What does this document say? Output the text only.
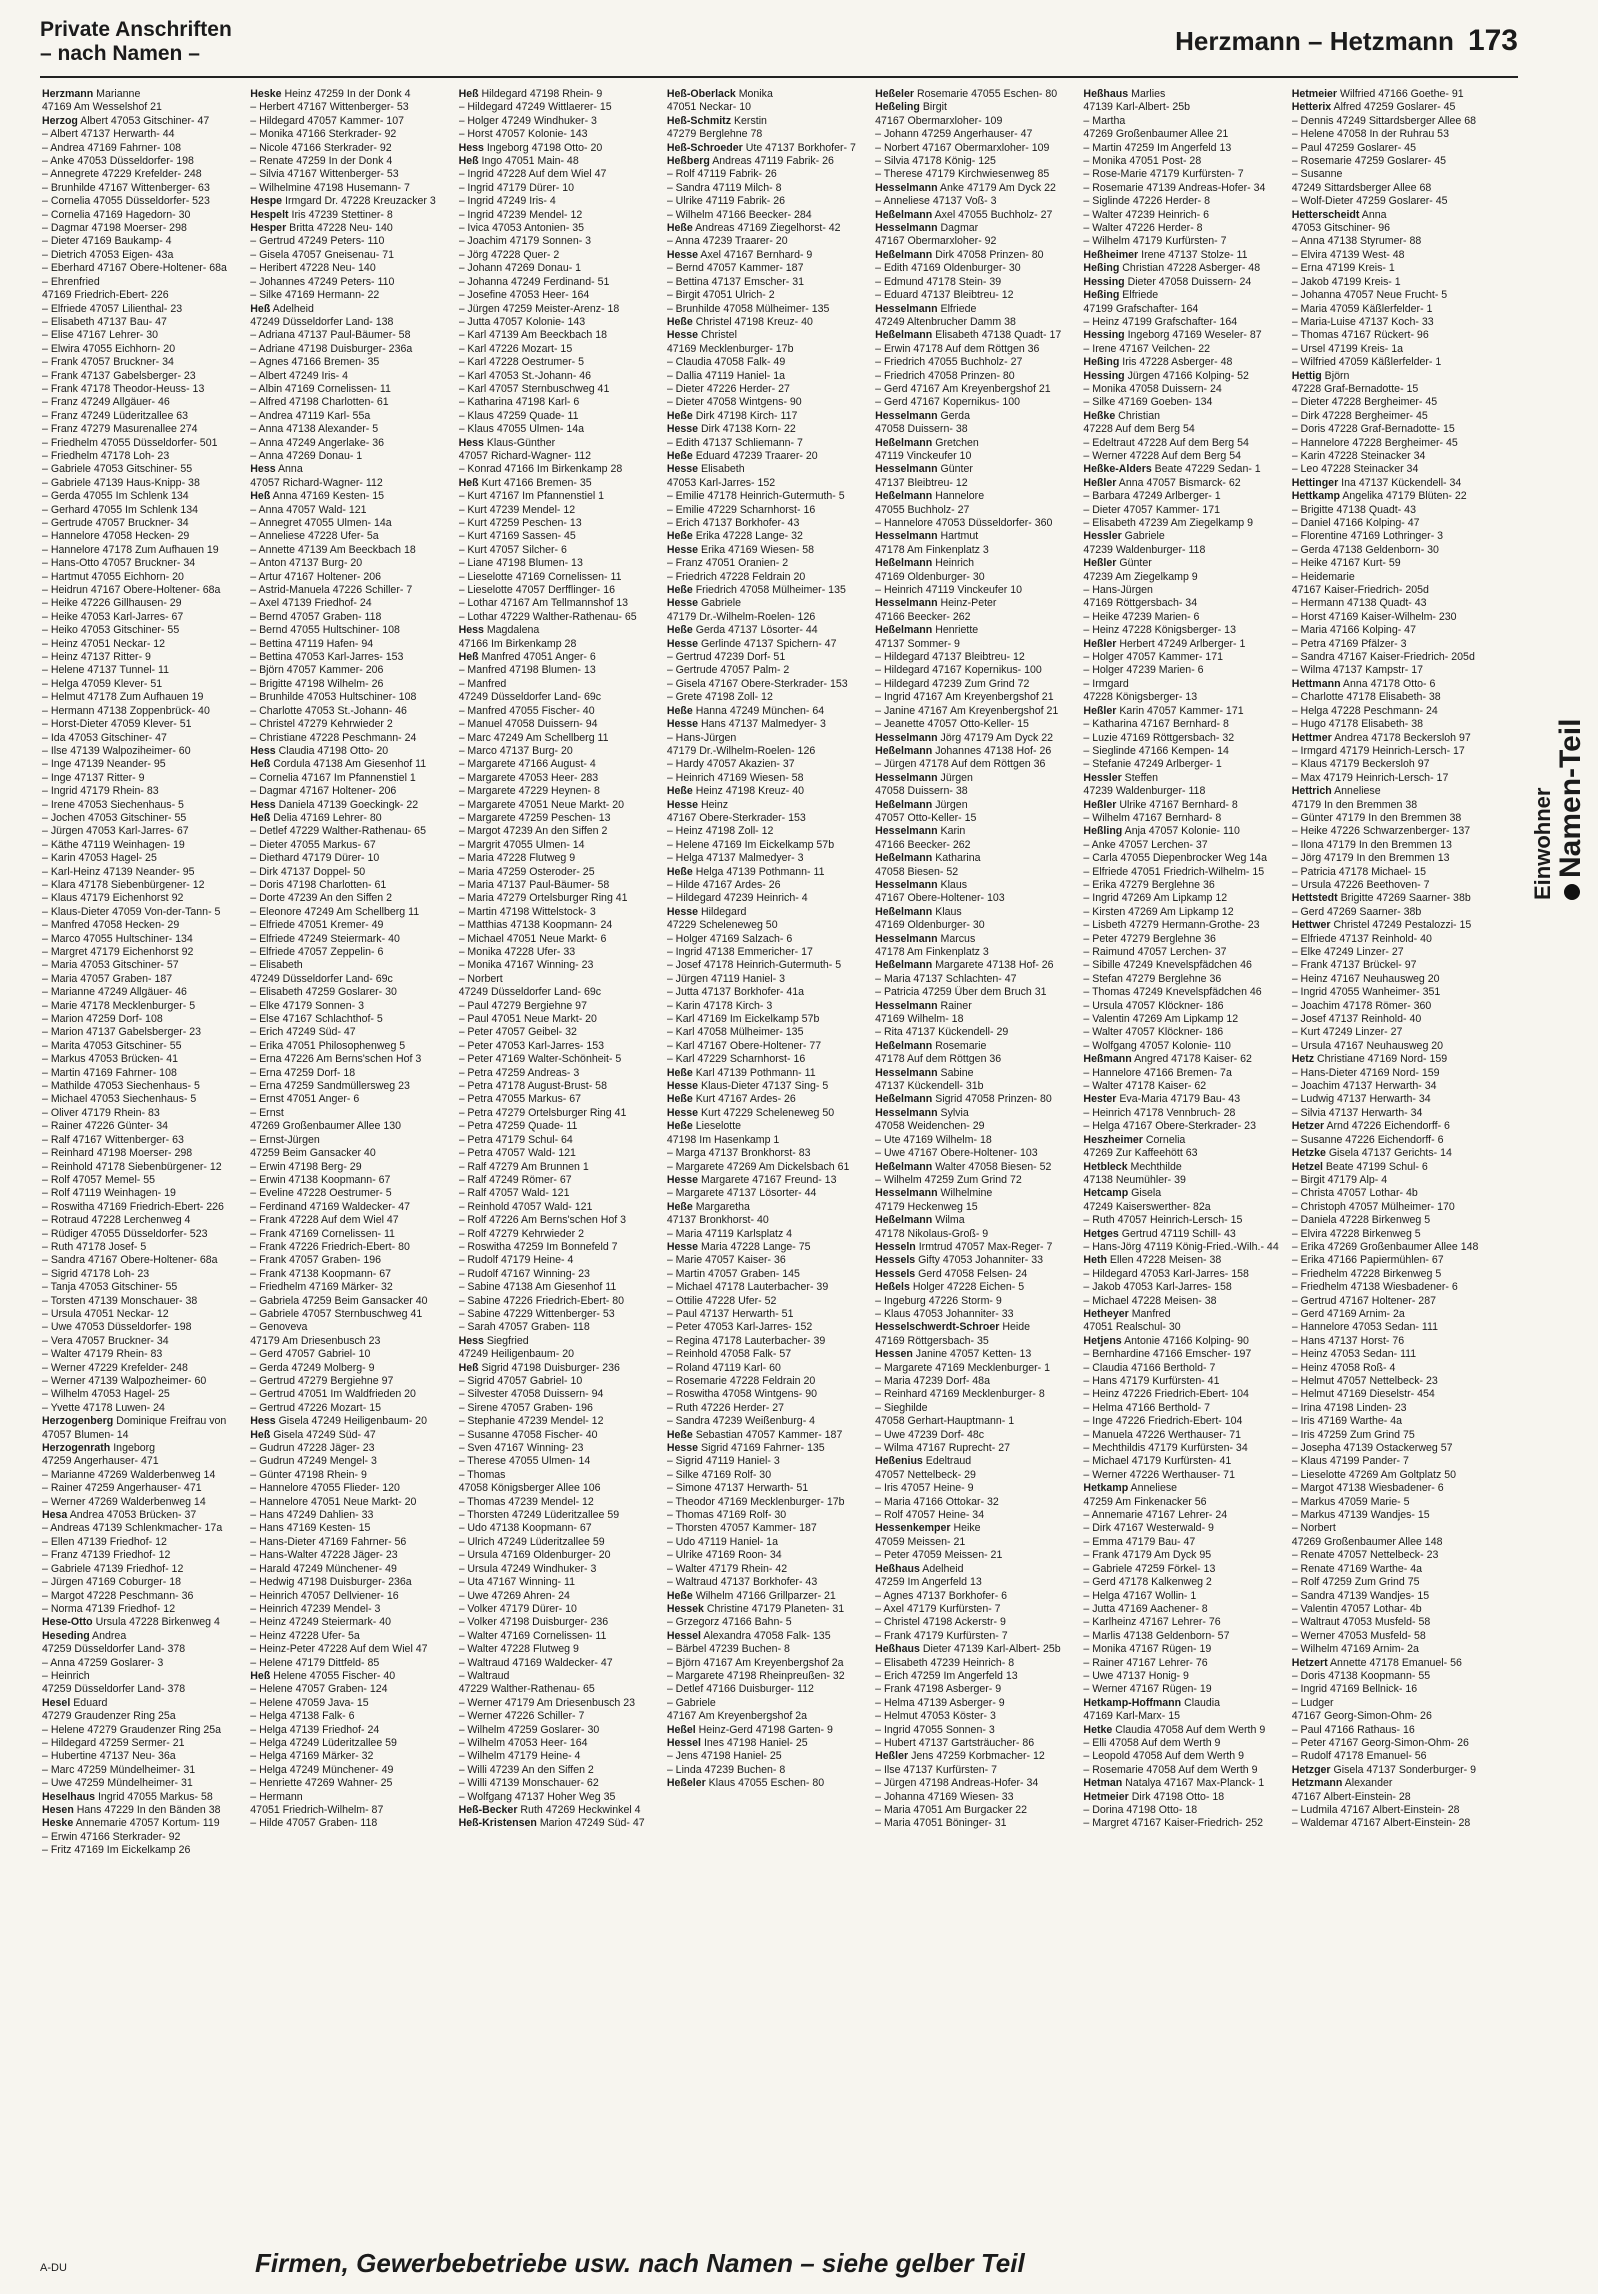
Private Anschriften
– nach Namen –	Herzmann – Hetzmann 173
Herzmann Marianne
47169 Am Wesselshof 21
Herzog Albert 47053 Gitschiner- 47
– Albert 47137 Herwarth- 44
– Andrea 47169 Fahrner- 108
– Anke 47053 Düsseldorfer- 198
– Annegrete 47229 Krefelder- 248
– Brunhilde 47167 Wittenberger- 63
– Cornelia 47055 Düsseldorfer- 523
– Cornelia 47169 Hagedorn- 30
– Dagmar 47198 Moerser- 298
– Dieter 47169 Baukamp- 4
– Dietrich 47053 Eigen- 43a
– Eberhard 47167 Obere-Holtener- 68a
– Ehrenfried
47169 Friedrich-Ebert- 226
– Elfriede 47057 Lilienthal- 23
– Elisabeth 47137 Bau- 47
– Elise 47167 Lehrer- 30
– Elwira 47055 Eichhorn- 20
– Frank 47057 Bruckner- 34
– Frank 47137 Gabelsberger- 23
– Frank 47178 Theodor-Heuss- 13
– Franz 47249 Allgäuer- 46
– Franz 47249 Lüderitzallee 63
– Franz 47279 Masurenallee 274
– Friedhelm 47055 Düsseldorfer- 501
– Friedhelm 47178 Loh- 23
– Gabriele 47053 Gitschiner- 55
– Gabriele 47139 Haus-Knipp- 38
– Gerda 47055 Im Schlenk 134
– Gerhard 47055 Im Schlenk 134
– Gertrude 47057 Bruckner- 34
– Hannelore 47058 Hecken- 29
– Hannelore 47178 Zum Aufhauen 19
– Hans-Otto 47057 Bruckner- 34
– Hartmut 47055 Eichhorn- 20
– Heidrun 47167 Obere-Holtener- 68a
– Heike 47226 Gillhausen- 29
– Heike 47053 Karl-Jarres- 67
– Heiko 47053 Gitschiner- 55
– Heinz 47051 Neckar- 12
– Heinz 47137 Ritter- 9
– Helene 47137 Tunnel- 11
– Helga 47059 Klever- 51
– Helmut 47178 Zum Aufhauen 19
– Hermann 47138 Zoppenbrück- 40
– Horst-Dieter 47059 Klever- 51
– Ida 47053 Gitschiner- 47
– Ilse 47139 Walpoziheimer- 60
– Inge 47139 Neander- 95
– Inge 47137 Ritter- 9
– Ingrid 47179 Rhein- 83
– Irene 47053 Siechenhaus- 5
– Jochen 47053 Gitschiner- 55
– Jürgen 47053 Karl-Jarres- 67
– Käthe 47119 Weinhagen- 19
– Karin 47053 Hagel- 25
– Karl-Heinz 47139 Neander- 95
– Klara 47178 Siebenbürgener- 12
– Klaus 47179 Eichenhorst 92
– Klaus-Dieter 47059 Von-der-Tann- 5
– Manfred 47058 Hecken- 29
– Marco 47055 Hultschiner- 134
– Margret 47179 Eichenhorst 92
– Maria 47053 Gitschiner- 57
– Maria 47057 Graben- 187
– Marianne 47249 Allgäuer- 46
– Marie 47178 Mecklenburger- 5
– Marion 47259 Dorf- 108
– Marion 47137 Gabelsberger- 23
– Marita 47053 Gitschiner- 55
– Markus 47053 Brücken- 41
– Martin 47169 Fahrner- 108
– Mathilde 47053 Siechenhaus- 5
– Michael 47053 Siechenhaus- 5
– Oliver 47179 Rhein- 83
– Rainer 47226 Günter- 34
– Ralf 47167 Wittenberger- 63
– Reinhard 47198 Moerser- 298
– Reinhold 47178 Siebenbürgener- 12
– Rolf 47057 Memel- 55
– Rolf 47119 Weinhagen- 19
– Roswitha 47169 Friedrich-Ebert- 226
– Rotraud 47228 Lerchenweg 4
– Rüdiger 47055 Düsseldorfer- 523
– Ruth 47178 Josef- 5
– Sandra 47167 Obere-Holtener- 68a
– Sigrid 47178 Loh- 23
– Tanja 47053 Gitschiner- 55
– Torsten 47139 Monschauer- 38
– Ursula 47051 Neckar- 12
– Uwe 47053 Düsseldorfer- 198
– Vera 47057 Bruckner- 34
– Walter 47179 Rhein- 83
– Werner 47229 Krefelder- 248
– Werner 47139 Walpozheimer- 60
– Wilhelm 47053 Hagel- 25
– Yvette 47178 Luwen- 24
Herzogenberg Dominique Freifrau von
47057 Blumen- 14
Herzogenrath Ingeborg
47259 Angerhauser- 471
– Marianne 47269 Walderbenweg 14
– Rainer 47259 Angerhauser- 471
– Werner 47269 Walderbenweg 14
Hesa Andrea 47053 Brücken- 37
– Andreas 47139 Schlenkmacher- 17a
– Ellen 47139 Friedhof- 12
– Franz 47139 Friedhof- 12
– Gabriele 47139 Friedhof- 12
– Jürgen 47169 Coburger- 18
– Margot 47228 Peschmann- 36
– Norma 47139 Friedhof- 12
Hese-Otto Ursula 47228 Birkenweg 4
Heseding Andrea
47259 Düsseldorfer Land- 378
– Anna 47259 Goslarer- 3
– Heinrich
47259 Düsseldorfer Land- 378
Hesel Eduard
47279 Graudenzer Ring 25a
– Helene 47279 Graudenzer Ring 25a
– Hildegard 47259 Sermer- 21
– Hubertine 47137 Neu- 36a
– Marc 47259 Mündelheimer- 31
– Uwe 47259 Mündelheimer- 31
Heselhaus Ingrid 47055 Markus- 58
Hesen Hans 47229 In den Bänden 38
Heske Annemarie 47057 Kortum- 119
– Erwin 47166 Sterkrader- 92
– Fritz 47169 Im Eickelkamp 26
Heske Heinz 47259 In der Donk 4
– Herbert 47167 Wittenberger- 53
– Hildegard 47057 Kammer- 107
– Monika 47166 Sterkrader- 92
– Nicole 47166 Sterkrader- 92
– Renate 47259 In der Donk 4
– Silvia 47167 Wittenberger- 53
– Wilhelmine 47198 Husemann- 7
Hespe Irmgard Dr. 47228 Kreuzacker 3
Hespelt Iris 47239 Stettiner- 8
Hesper Britta 47228 Neu- 140
– Gertrud 47249 Peters- 110
– Gisela 47057 Gneisenau- 71
– Heribert 47228 Neu- 140
– Johannes 47249 Peters- 110
– Silke 47169 Hermann- 22
Heß Adelheid
47249 Düsseldorfer Land- 138
– Adriana 47137 Paul-Bäumer- 58
– Adriane 47198 Duisburger- 236a
– Agnes 47166 Bremen- 35
– Albert 47249 Iris- 4
– Albin 47169 Cornelissen- 11
– Alfred 47198 Charlotten- 61
– Andrea 47119 Karl- 55a
– Anna 47138 Alexander- 5
– Anna 47249 Angerlake- 36
– Anna 47269 Donau- 1
Hess Anna
47057 Richard-Wagner- 112
Heß Anna 47169 Kesten- 15
– Anna 47057 Wald- 121
– Annegret 47055 Ulmen- 14a
– Anneliese 47228 Ufer- 5a
– Annette 47139 Am Beeckbach 18
– Anton 47137 Burg- 20
– Artur 47167 Holtener- 206
– Astrid-Manuela 47226 Schiller- 7
– Axel 47139 Friedhof- 24
– Bernd 47057 Graben- 118
– Bernd 47055 Hultschiner- 108
– Bettina 47119 Hafen- 94
– Bettina 47053 Karl-Jarres- 153
– Björn 47057 Kammer- 206
– Brigitte 47198 Wilhelm- 26
– Brunhilde 47053 Hultschiner- 108
– Charlotte 47053 St.-Johann- 46
– Christel 47279 Kehrwieder 2
– Christiane 47228 Peschmann- 24
Hess Claudia 47198 Otto- 20
Heß Cordula 47138 Am Giesenhof 11
– Cornelia 47167 Im Pfannenstiel 1
– Dagmar 47167 Holtener- 206
Hess Daniela 47139 Goeckingk- 22
Heß Delia 47169 Lehrer- 80
– Detlef 47229 Walther-Rathenau- 65
– Dieter 47055 Markus- 67
– Diethard 47179 Dürer- 10
– Dirk 47137 Doppel- 50
– Doris 47198 Charlotten- 61
– Dorte 47239 An den Siffen 2
– Eleonore 47249 Am Schellberg 11
– Elfriede 47051 Kremer- 49
– Elfriede 47249 Steiermark- 40
– Elfriede 47057 Zeppelin- 6
– Elisabeth
47249 Düsseldorfer Land- 69c
– Elisabeth 47259 Goslarer- 30
– Elke 47179 Sonnen- 3
– Else 47167 Schlachthof- 5
– Erich 47249 Süd- 47
– Erika 47051 Philosophenweg 5
– Erna 47226 Am Berns'schen Hof 3
– Erna 47259 Dorf- 18
– Erna 47259 Sandmüllersweg 23
– Ernst 47051 Anger- 6
– Ernst
47269 Großenbaumer Allee 130
– Ernst-Jürgen
47259 Beim Gansacker 40
– Erwin 47198 Berg- 29
– Erwin 47138 Koopmann- 67
– Eveline 47228 Oestrumer- 5
– Ferdinand 47169 Waldecker- 47
– Frank 47228 Auf dem Wiel 47
– Frank 47169 Cornelissen- 11
– Frank 47226 Friedrich-Ebert- 80
– Frank 47057 Graben- 196
– Frank 47138 Koopmann- 67
– Friedhelm 47169 Märker- 32
– Gabriela 47259 Beim Gansacker 40
– Gabriele 47057 Sternbuschweg 41
– Genoveva
47179 Am Driesenbusch 23
– Gerd 47057 Gabriel- 10
– Gerda 47249 Molberg- 9
– Gertrud 47279 Bergiehne 97
– Gertrud 47051 Im Waldfrieden 20
– Gertrud 47226 Mozart- 15
Hess Gisela 47249 Heiligenbaum- 20
Heß Gisela 47249 Süd- 47
– Gudrun 47228 Jäger- 23
– Gudrun 47249 Mengel- 3
– Günter 47198 Rhein- 9
– Hannelore 47055 Flieder- 120
– Hannelore 47051 Neue Markt- 20
– Hans 47249 Dahlien- 33
– Hans 47169 Kesten- 15
– Hans-Dieter 47169 Fahrner- 56
– Hans-Walter 47228 Jäger- 23
– Harald 47249 Münchener- 49
– Hedwig 47198 Duisburger- 236a
– Heinrich 47057 Dellviener- 16
– Heinrich 47239 Mendel- 3
– Heinz 47249 Steiermark- 40
– Heinz 47228 Ufer- 5a
– Heinz-Peter 47228 Auf dem Wiel 47
– Helene 47179 Dittfeld- 85
Heß Helene 47055 Fischer- 40
– Helene 47057 Graben- 124
– Helene 47059 Java- 15
– Helga 47138 Falk- 6
– Helga 47139 Friedhof- 24
– Helga 47249 Lüderitzallee 59
– Helga 47169 Märker- 32
– Helga 47249 Münchener- 49
– Henriette 47269 Wahner- 25
– Hermann
47051 Friedrich-Wilhelm- 87
– Hilde 47057 Graben- 118
Heß Hildegard 47198 Rhein- 9
– Hildegard 47249 Wittlaerer- 15
– Holger 47249 Windhuker- 3
– Horst 47057 Kolonie- 143
Hess Ingeborg 47198 Otto- 20
Heß Ingo 47051 Main- 48
– Ingrid 47228 Auf dem Wiel 47
– Ingrid 47179 Dürer- 10
– Ingrid 47249 Iris- 4
– Ingrid 47239 Mendel- 12
– Ivica 47053 Antonien- 35
– Joachim 47179 Sonnen- 3
– Jörg 47228 Quer- 2
– Johann 47269 Donau- 1
– Johanna 47249 Ferdinand- 51
– Josefine 47053 Heer- 164
– Jürgen 47259 Meister-Arenz- 18
– Jutta 47057 Kolonie- 143
– Karl 47139 Am Beeckbach 18
– Karl 47226 Mozart- 15
– Karl 47228 Oestrumer- 5
– Karl 47053 St.-Johann- 46
– Karl 47057 Sternbuschweg 41
– Katharina 47198 Karl- 6
– Klaus 47259 Quade- 11
– Klaus 47055 Ulmen- 14a
Hess Klaus-Günther
47057 Richard-Wagner- 112
– Konrad 47166 Im Birkenkamp 28
Heß Kurt 47166 Bremen- 35
– Kurt 47167 Im Pfannenstiel 1
– Kurt 47239 Mendel- 12
– Kurt 47259 Peschen- 13
– Kurt 47169 Sassen- 45
– Kurt 47057 Silcher- 6
– Liane 47198 Blumen- 13
– Lieselotte 47169 Cornelissen- 11
– Lieselotte 47057 Derfflinger- 16
– Lothar 47167 Am Tellmannshof 13
– Lothar 47229 Walther-Rathenau- 65
Hess Magdalena
47166 Im Birkenkamp 28
Heß Manfred 47051 Anger- 6
– Manfred 47198 Blumen- 13
– Manfred
47249 Düsseldorfer Land- 69c
– Manfred 47055 Fischer- 40
– Manuel 47058 Duissern- 94
– Marc 47249 Am Schellberg 11
– Marco 47137 Burg- 20
– Margarete 47166 August- 4
– Margarete 47053 Heer- 283
– Margarete 47229 Heynen- 8
– Margarete 47051 Neue Markt- 20
– Margarete 47259 Peschen- 13
– Margot 47239 An den Siffen 2
– Margrit 47055 Ulmen- 14
– Maria 47228 Flutweg 9
– Maria 47259 Osteroder- 25
– Maria 47137 Paul-Bäumer- 58
– Maria 47279 Ortelsburger Ring 41
– Martin 47198 Wittelstock- 3
– Matthias 47138 Koopmann- 24
– Michael 47051 Neue Markt- 6
– Monika 47228 Ufer- 33
– Monika 47167 Winning- 23
– Norbert
47249 Düsseldorfer Land- 69c
– Paul 47279 Bergiehne 97
– Paul 47051 Neue Markt- 20
– Peter 47057 Geibel- 32
– Peter 47053 Karl-Jarres- 153
– Peter 47169 Walter-Schönheit- 5
– Petra 47259 Andreas- 3
– Petra 47178 August-Brust- 58
– Petra 47055 Markus- 67
– Petra 47279 Ortelsburger Ring 41
– Petra 47259 Quade- 11
– Petra 47179 Schul- 64
– Petra 47057 Wald- 121
– Ralf 47279 Am Brunnen 1
– Ralf 47249 Römer- 67
– Ralf 47057 Wald- 121
– Reinhold 47057 Wald- 121
– Rolf 47226 Am Berns'schen Hof 3
– Rolf 47279 Kehrwieder 2
– Roswitha 47259 Im Bonnefeld 7
– Rudolf 47179 Heine- 4
– Rudolf 47167 Winning- 23
– Sabine 47138 Am Giesenhof 11
– Sabine 47226 Friedrich-Ebert- 80
– Sabine 47229 Wittenberger- 53
– Sarah 47057 Graben- 118
Hess Siegfried
47249 Heiligenbaum- 20
Heß Sigrid 47198 Duisburger- 236
– Sigrid 47057 Gabriel- 10
– Silvester 47058 Duissern- 94
– Sirene 47057 Graben- 196
– Stephanie 47239 Mendel- 12
– Susanne 47058 Fischer- 40
– Sven 47167 Winning- 23
– Therese 47055 Ulmen- 14
– Thomas
47058 Königsberger Allee 106
– Thomas 47239 Mendel- 12
– Thorsten 47249 Lüderitzallee 59
– Udo 47138 Koopmann- 67
– Ulrich 47249 Lüderitzallee 59
– Ursula 47169 Oldenburger- 20
– Ursula 47249 Windhuker- 3
– Uta 47167 Winning- 11
– Uwe 47269 Ahren- 24
– Volker 47179 Dürer- 10
– Volker 47198 Duisburger- 236
– Walter 47169 Cornelissen- 11
– Walter 47228 Flutweg 9
– Waltraud 47169 Waldecker- 47
– Waltraud
47229 Walther-Rathenau- 65
– Werner 47179 Am Driesenbusch 23
– Werner 47226 Schiller- 7
– Wilhelm 47259 Goslarer- 30
– Wilhelm 47053 Heer- 164
– Wilhelm 47179 Heine- 4
– Willi 47239 An den Siffen 2
– Willi 47139 Monschauer- 62
– Wolfgang 47137 Hoher Weg 35
Heß-Becker Ruth 47269 Heckwinkel 4
Heß-Kristensen Marion 47249 Süd- 47
Heß-Oberlack Monika
47051 Neckar- 10
Heß-Schmitz Kerstin
47279 Berglehne 78
Heß-Schroeder Ute 47137 Borkhofer- 7
Heßberg Andreas 47119 Fabrik- 26
– Rolf 47119 Fabrik- 26
– Sandra 47119 Milch- 8
– Ulrike 47119 Fabrik- 26
– Wilhelm 47166 Beecker- 284
Heße Andreas 47169 Ziegelhorst- 42
– Anna 47239 Traarer- 20
Hesse Axel 47167 Bernhard- 9
– Bernd 47057 Kammer- 187
– Bettina 47137 Emscher- 31
– Birgit 47051 Ulrich- 2
– Brunhilde 47058 Mülheimer- 135
Heße Christel 47198 Kreuz- 40
Hesse Christel
47169 Mecklenburger- 17b
– Claudia 47058 Falk- 49
– Dallia 47119 Haniel- 1a
– Dieter 47226 Herder- 27
– Dieter 47058 Wintgens- 90
Heße Dirk 47198 Kirch- 117
Hesse Dirk 47138 Korn- 22
– Edith 47137 Schliemann- 7
Heße Eduard 47239 Traarer- 20
Hesse Elisabeth
47053 Karl-Jarres- 152
– Emilie 47178 Heinrich-Gutermuth- 5
– Emilie 47229 Scharnhorst- 16
– Erich 47137 Borkhofer- 43
Heße Erika 47228 Lange- 32
Hesse Erika 47169 Wiesen- 58
– Franz 47051 Oranien- 2
– Friedrich 47228 Feldrain 20
Heße Friedrich 47058 Mülheimer- 135
Hesse Gabriele
47179 Dr.-Wilhelm-Roelen- 126
Heße Gerda 47137 Lösorter- 44
Hesse Gerlinde 47137 Spichern- 47
– Gertrud 47239 Dorf- 51
– Gertrude 47057 Palm- 2
– Gisela 47167 Obere-Sterkrader- 153
– Grete 47198 Zoll- 12
Heße Hanna 47249 München- 64
Hesse Hans 47137 Malmedyer- 3
– Hans-Jürgen
47179 Dr.-Wilhelm-Roelen- 126
– Hardy 47057 Akazien- 37
– Heinrich 47169 Wiesen- 58
Heße Heinz 47198 Kreuz- 40
Hesse Heinz
47167 Obere-Sterkrader- 153
– Heinz 47198 Zoll- 12
– Helene 47169 Im Eickelkamp 57b
– Helga 47137 Malmedyer- 3
Heße Helga 47139 Pothmann- 11
– Hilde 47167 Ardes- 26
– Hildegard 47239 Heinrich- 4
Hesse Hildegard
47229 Scheleneweg 50
– Holger 47169 Salzach- 6
– Ingrid 47138 Emmericher- 17
– Josef 47178 Heinrich-Gutermuth- 5
– Jürgen 47119 Haniel- 3
– Jutta 47137 Borkhofer- 41a
– Karin 47178 Kirch- 3
– Karl 47169 Im Eickelkamp 57b
– Karl 47058 Mülheimer- 135
– Karl 47167 Obere-Holtener- 77
– Karl 47229 Scharnhorst- 16
Heße Karl 47139 Pothmann- 11
Hesse Klaus-Dieter 47137 Sing- 5
Heße Kurt 47167 Ardes- 26
Hesse Kurt 47229 Scheleneweg 50
Heße Lieselotte
47198 Im Hasenkamp 1
– Marga 47137 Bronkhorst- 83
– Margarete 47269 Am Dickelsbach 61
Hesse Margarete 47167 Freund- 13
– Margarete 47137 Lösorter- 44
Heße Margaretha
47137 Bronkhorst- 40
– Maria 47119 Karlsplatz 4
Hesse Maria 47228 Lange- 75
– Marie 47057 Kaiser- 36
– Martin 47057 Graben- 145
– Michael 47178 Lauterbacher- 39
– Ottilie 47228 Ufer- 52
– Paul 47137 Herwarth- 51
– Peter 47053 Karl-Jarres- 152
– Regina 47178 Lauterbacher- 39
– Reinhold 47058 Falk- 57
– Roland 47119 Karl- 60
– Rosemarie 47228 Feldrain 20
– Roswitha 47058 Wintgens- 90
– Ruth 47226 Herder- 27
– Sandra 47239 Weißenburg- 4
Heße Sebastian 47057 Kammer- 187
Hesse Sigrid 47169 Fahrner- 135
– Sigrid 47119 Haniel- 3
– Silke 47169 Rolf- 30
– Simone 47137 Herwarth- 51
– Theodor 47169 Mecklenburger- 17b
– Thomas 47169 Rolf- 30
– Thorsten 47057 Kammer- 187
– Udo 47119 Haniel- 1a
– Ulrike 47169 Roon- 34
– Walter 47179 Rhein- 42
– Waltraud 47137 Borkhofer- 43
Heße Wilhelm 47166 Grillparzer- 21
Hessek Christine 47179 Planeten- 31
– Grzegorz 47166 Bahn- 5
Hessel Alexandra 47058 Falk- 135
– Bärbel 47239 Buchen- 8
– Björn 47167 Am Kreyenbergshof 2a
– Margarete 47198 Rheinpreußen- 32
– Detlef 47166 Duisburger- 112
– Gabriele
47167 Am Kreyenbergshof 2a
Heßel Heinz-Gerd 47198 Garten- 9
Hessel Ines 47198 Haniel- 25
– Jens 47198 Haniel- 25
– Linda 47239 Buchen- 8
Heßeler Klaus 47055 Eschen- 80
Heßeler Rosemarie 47055 Eschen- 80
Heßeling Birgit
47167 Obermarxloher- 109
– Johann 47259 Angerhauser- 47
– Norbert 47167 Obermarxloher- 109
– Silvia 47178 König- 125
– Therese 47179 Kirchwiesenweg 85
Hesselmann Anke 47179 Am Dyck 22
– Anneliese 47137 Voß- 3
Heßelmann Axel 47055 Buchholz- 27
Hesselmann Dagmar
47167 Obermarxloher- 92
Heßelmann Dirk 47058 Prinzen- 80
– Edith 47169 Oldenburger- 30
– Edmund 47178 Stein- 39
– Eduard 47137 Bleibtreu- 12
Hesselmann Elfriede
47249 Altenbrucher Damm 38
Heßelmann Elisabeth 47138 Quadt- 17
– Erwin 47178 Auf dem Röttgen 36
– Friedrich 47055 Buchholz- 27
– Friedrich 47058 Prinzen- 80
– Gerd 47167 Am Kreyenbergshof 21
– Gerd 47167 Kopernikus- 100
Hesselmann Gerda
47058 Duissern- 38
Heßelmann Gretchen
47119 Vinckeufer 10
Hesselmann Günter
47137 Bleibtreu- 12
Heßelmann Hannelore
47055 Buchholz- 27
– Hannelore 47053 Düsseldorfer- 360
Hesselmann Hartmut
47178 Am Finkenplatz 3
Heßelmann Heinrich
47169 Oldenburger- 30
– Heinrich 47119 Vinckeufer 10
Hesselmann Heinz-Peter
47166 Beecker- 262
Heßelmann Henriette
47137 Sommer- 9
– Hildegard 47137 Bleibtreu- 12
– Hildegard 47167 Kopernikus- 100
– Hildegard 47239 Zum Grind 72
– Ingrid 47167 Am Kreyenbergshof 21
– Janine 47167 Am Kreyenbergshof 21
– Jeanette 47057 Otto-Keller- 15
Hesselmann Jörg 47179 Am Dyck 22
Heßelmann Johannes 47138 Hof- 26
– Jürgen 47178 Auf dem Röttgen 36
Hesselmann Jürgen
47058 Duissern- 38
Heßelmann Jürgen
47057 Otto-Keller- 15
Hesselmann Karin
47166 Beecker- 262
Heßelmann Katharina
47058 Biesen- 52
Hesselmann Klaus
47167 Obere-Holtener- 103
Heßelmann Klaus
47169 Oldenburger- 30
Hesselmann Marcus
47178 Am Finkenplatz 3
Heßelmann Margarete 47138 Hof- 26
– Maria 47137 Schlachten- 47
– Patricia 47259 Über dem Bruch 31
Hesselmann Rainer
47169 Wilhelm- 18
– Rita 47137 Kückendell- 29
Heßelmann Rosemarie
47178 Auf dem Röttgen 36
Hesselmann Sabine
47137 Kückendell- 31b
Heßelmann Sigrid 47058 Prinzen- 80
Hesselmann Sylvia
47058 Weidenchen- 29
– Ute 47169 Wilhelm- 18
– Uwe 47167 Obere-Holtener- 103
Heßelmann Walter 47058 Biesen- 52
– Wilhelm 47259 Zum Grind 72
Hesselmann Wilhelmine
47179 Heckenweg 15
Heßelmann Wilma
47178 Nikolaus-Groß- 9
Hesseln Irmtrud 47057 Max-Reger- 7
Hessels Gifty 47053 Johanniter- 33
Hessels Gerd 47058 Felsen- 24
Heßels Holger 47228 Eichen- 5
– Ingeburg 47226 Storm- 9
– Klaus 47053 Johanniter- 33
Hesselschwerdt-Schroer Heide
47169 Röttgersbach- 35
Hessen Janine 47057 Ketten- 13
– Margarete 47169 Mecklenburger- 1
– Maria 47239 Dorf- 48a
– Reinhard 47169 Mecklenburger- 8
– Sieghilde
47058 Gerhart-Hauptmann- 1
– Uwe 47239 Dorf- 48c
– Wilma 47167 Ruprecht- 27
Heßenius Edeltraud
47057 Nettelbeck- 29
– Iris 47057 Heine- 9
– Maria 47166 Ottokar- 32
– Rolf 47057 Heine- 34
Hessenkemper Heike
47059 Meissen- 21
– Peter 47059 Meissen- 21
Heßhaus Adelheid
47259 Im Angerfeld 13
– Agnes 47137 Borkhofer- 6
– Axel 47179 Kurfürsten- 7
– Christel 47198 Ackerstr- 9
– Frank 47179 Kurfürsten- 7
Heßhaus Dieter 47139 Karl-Albert- 25b
– Elisabeth 47239 Heinrich- 8
– Erich 47259 Im Angerfeld 13
– Frank 47198 Asberger- 9
– Helma 47139 Asberger- 9
– Helmut 47053 Köster- 3
– Ingrid 47055 Sonnen- 3
– Hubert 47137 Gartsträucher- 86
Heßler Jens 47259 Korbmacher- 12
– Ilse 47137 Kurfürsten- 7
– Jürgen 47198 Andreas-Hofer- 34
– Johanna 47169 Wiesen- 33
– Maria 47051 Am Burgacker 22
– Maria 47051 Böninger- 31
Heßhaus Marlies
47139 Karl-Albert- 25b
– Martha
47269 Großenbaumer Allee 21
– Martin 47259 Im Angerfeld 13
– Monika 47051 Post- 28
– Rose-Marie 47179 Kurfürsten- 7
– Rosemarie 47139 Andreas-Hofer- 34
– Siglinde 47226 Herder- 8
– Walter 47239 Heinrich- 6
– Walter 47226 Herder- 8
– Wilhelm 47179 Kurfürsten- 7
Heßheimer Irene 47137 Stolze- 11
Heßing Christian 47228 Asberger- 48
Hessing Dieter 47058 Duissern- 24
Heßing Elfriede
47199 Grafschafter- 164
– Heinz 47199 Grafschafter- 164
Hessing Ingeborg 47169 Weseler- 87
– Irene 47167 Veilchen- 22
Heßing Iris 47228 Asberger- 48
Hessing Jürgen 47166 Kolping- 52
– Monika 47058 Duissern- 24
– Silke 47169 Goeben- 134
Heßke Christian
47228 Auf dem Berg 54
– Edeltraut 47228 Auf dem Berg 54
– Werner 47228 Auf dem Berg 54
Heßke-Alders Beate 47229 Sedan- 1
Heßler Anna 47057 Bismarck- 62
– Barbara 47249 Arlberger- 1
– Dieter 47057 Kammer- 171
– Elisabeth 47239 Am Ziegelkamp 9
Hessler Gabriele
47239 Waldenburger- 118
Heßler Günter
47239 Am Ziegelkamp 9
– Hans-Jürgen
47169 Röttgersbach- 34
– Heike 47239 Marien- 6
– Heinz 47228 Königsberger- 13
Heßler Herbert 47249 Arlberger- 1
– Holger 47057 Kammer- 171
– Holger 47239 Marien- 6
– Irmgard
47228 Königsberger- 13
Heßler Karin 47057 Kammer- 171
– Katharina 47167 Bernhard- 8
– Luzie 47169 Röttgersbach- 32
– Sieglinde 47166 Kempen- 14
– Stefanie 47249 Arlberger- 1
Hessler Steffen
47239 Waldenburger- 118
Heßler Ulrike 47167 Bernhard- 8
– Wilhelm 47167 Bernhard- 8
Heßling Anja 47057 Kolonie- 110
– Anke 47057 Lerchen- 37
– Carla 47055 Diepenbrocker Weg 14a
– Elfriede 47051 Friedrich-Wilhelm- 15
– Erika 47279 Berglehne 36
– Ingrid 47269 Am Lipkamp 12
– Kirsten 47269 Am Lipkamp 12
– Lisbeth 47279 Hermann-Grothe- 23
– Peter 47279 Berglehne 36
– Raimund 47057 Lerchen- 37
– Sibille 47249 Knevelspfädchen 46
– Stefan 47279 Berglehne 36
– Thomas 47249 Knevelspfädchen 46
– Ursula 47057 Klöckner- 186
– Valentin 47269 Am Lipkamp 12
– Walter 47057 Klöckner- 186
– Wolfgang 47057 Kolonie- 110
Heßmann Angred 47178 Kaiser- 62
– Hannelore 47166 Bremen- 7a
– Walter 47178 Kaiser- 62
Hester Eva-Maria 47179 Bau- 43
– Heinrich 47178 Vennbruch- 28
– Helga 47167 Obere-Sterkrader- 23
Heszheimer Cornelia
47269 Zur Kaffeehött 63
Hetbleck Mechthilde
47138 Neumühler- 39
Hetcamp Gisela
47249 Kaiserswerther- 82a
– Ruth 47057 Heinrich-Lersch- 15
Hetges Gertrud 47119 Schill- 43
– Hans-Jörg 47119 König-Fried.-Wilh.- 44
Heth Ellen 47228 Meisen- 38
– Hildegard 47053 Karl-Jarres- 158
– Jakob 47053 Karl-Jarres- 158
– Michael 47228 Meisen- 38
Hetheyer Manfred
47051 Realschul- 30
Hetjens Antonie 47166 Kolping- 90
– Bernhardine 47166 Emscher- 197
– Claudia 47166 Berthold- 7
– Hans 47179 Kurfürsten- 41
– Heinz 47226 Friedrich-Ebert- 104
– Helma 47166 Berthold- 7
– Inge 47226 Friedrich-Ebert- 104
– Manuela 47226 Werthauser- 71
– Mechthildis 47179 Kurfürsten- 34
– Michael 47179 Kurfürsten- 41
– Werner 47226 Werthauser- 71
Hetkamp Anneliese
47259 Am Finkenacker 56
– Annemarie 47167 Lehrer- 24
– Dirk 47167 Westerwald- 9
– Emma 47179 Bau- 47
– Frank 47179 Am Dyck 95
– Gabriele 47259 Förkel- 13
– Gerd 47178 Kalkenweg 2
– Helga 47167 Wollin- 1
– Jutta 47169 Aachener- 8
– Karlheinz 47167 Lehrer- 76
– Marlis 47138 Geldenborn- 57
– Monika 47167 Rügen- 19
– Rainer 47167 Lehrer- 76
– Uwe 47137 Honig- 9
– Werner 47167 Rügen- 19
Hetkamp-Hoffmann Claudia
47169 Karl-Marx- 15
Hetke Claudia 47058 Auf dem Werth 9
– Elli 47058 Auf dem Werth 9
– Leopold 47058 Auf dem Werth 9
– Rosemarie 47058 Auf dem Werth 9
Hetman Natalya 47167 Max-Planck- 1
Hetmeier Dirk 47198 Otto- 18
– Dorina 47198 Otto- 18
– Margret 47167 Kaiser-Friedrich- 252
Hetmeier Wilfried 47166 Goethe- 91
Hetterix Alfred 47259 Goslarer- 45
– Dennis 47249 Sittardsberger Allee 68
– Helene 47058 In der Ruhrau 53
– Paul 47259 Goslarer- 45
– Rosemarie 47259 Goslarer- 45
– Susanne
47249 Sittardsberger Allee 68
– Wolf-Dieter 47259 Goslarer- 45
Hetterscheidt Anna
47053 Gitschiner- 96
– Anna 47138 Styrumer- 88
– Elvira 47139 West- 48
– Erna 47199 Kreis- 1
– Jakob 47199 Kreis- 1
– Johanna 47057 Neue Frucht- 5
– Maria 47059 Käßlerfelder- 1
– Maria-Luise 47137 Koch- 33
– Thomas 47167 Rückert- 96
– Ursel 47199 Kreis- 1a
– Wilfried 47059 Käßlerfelder- 1
Hettig Björn
47228 Graf-Bernadotte- 15
– Dieter 47228 Bergheimer- 45
– Dirk 47228 Bergheimer- 45
– Doris 47228 Graf-Bernadotte- 15
– Hannelore 47228 Bergheimer- 45
– Karin 47228 Steinacker 34
– Leo 47228 Steinacker 34
Hettinger Ina 47137 Kückendell- 34
Hettkamp Angelika 47179 Blüten- 22
– Brigitte 47138 Quadt- 43
– Daniel 47166 Kolping- 47
– Florentine 47169 Lothringer- 3
– Gerda 47138 Geldenborn- 30
– Heike 47167 Kurt- 59
– Heidemarie
47167 Kaiser-Friedrich- 205d
– Hermann 47138 Quadt- 43
– Horst 47169 Kaiser-Wilhelm- 230
– Maria 47166 Kolping- 47
– Petra 47169 Pfälzer- 3
– Sandra 47167 Kaiser-Friedrich- 205d
– Wilma 47137 Kampstr- 17
Hettmann Anna 47178 Otto- 6
– Charlotte 47178 Elisabeth- 38
– Helga 47228 Peschmann- 24
– Hugo 47178 Elisabeth- 38
Hettmer Andrea 47178 Beckersloh 97
– Irmgard 47179 Heinrich-Lersch- 17
– Klaus 47179 Beckersloh 97
– Max 47179 Heinrich-Lersch- 17
Hettrich Anneliese
47179 In den Bremmen 38
– Günter 47179 In den Bremmen 38
– Heike 47226 Schwarzenberger- 137
– Ilona 47179 In den Bremmen 13
– Jörg 47179 In den Bremmen 13
– Patricia 47178 Michael- 15
– Ursula 47226 Beethoven- 7
Hettstedt Brigitte 47269 Saarner- 38b
– Gerd 47269 Saarner- 38b
Hettwer Christel 47249 Pestalozzi- 15
– Elfriede 47137 Reinhold- 40
– Elke 47249 Linzer- 27
– Frank 47137 Brückel- 97
– Heinz 47167 Neuhausweg 20
– Ingrid 47055 Wanheimer- 351
– Joachim 47178 Römer- 360
– Josef 47137 Reinhold- 40
– Kurt 47249 Linzer- 27
– Ursula 47167 Neuhausweg 20
Hetz Christiane 47169 Nord- 159
– Hans-Dieter 47169 Nord- 159
– Joachim 47137 Herwarth- 34
– Ludwig 47137 Herwarth- 34
– Silvia 47137 Herwarth- 34
Hetzer Arnd 47226 Eichendorff- 6
– Susanne 47226 Eichendorff- 6
Hetzke Gisela 47137 Gerichts- 14
Hetzel Beate 47199 Schul- 6
– Birgit 47179 Alp- 4
– Christa 47057 Lothar- 4b
– Christoph 47057 Mülheimer- 170
– Daniela 47228 Birkenweg 5
– Elvira 47228 Birkenweg 5
– Erika 47269 Großenbaumer Allee 148
– Erika 47166 Papiermühlen- 67
– Friedhelm 47228 Birkenweg 5
– Friedhelm 47138 Wiesbadener- 6
– Gertrud 47167 Holtener- 287
– Gerd 47169 Arnim- 2a
– Hannelore 47053 Sedan- 111
– Hans 47137 Horst- 76
– Heinz 47053 Sedan- 111
– Heinz 47058 Roß- 4
– Helmut 47057 Nettelbeck- 23
– Helmut 47169 Dieselstr- 454
– Irina 47198 Linden- 23
– Iris 47169 Warthe- 4a
– Iris 47259 Zum Grind 75
– Josepha 47139 Ostackerweg 57
– Klaus 47199 Pander- 7
– Lieselotte 47269 Am Goltplatz 50
– Margot 47138 Wiesbadener- 6
– Markus 47059 Marie- 5
– Markus 47139 Wandjes- 15
– Norbert
47269 Großenbaumer Allee 148
– Renate 47057 Nettelbeck- 23
– Renate 47169 Warthe- 4a
– Rolf 47259 Zum Grind 75
– Sandra 47139 Wandjes- 15
– Valentin 47057 Lothar- 4b
– Waltraut 47053 Musfeld- 58
– Werner 47053 Musfeld- 58
– Wilhelm 47169 Arnim- 2a
Hetzert Annette 47178 Emanuel- 56
– Doris 47138 Koopmann- 55
– Ingrid 47169 Bellnick- 16
– Ludger
47167 Georg-Simon-Ohm- 26
– Paul 47166 Rathaus- 16
– Peter 47167 Georg-Simon-Ohm- 26
– Rudolf 47178 Emanuel- 56
Hetzger Gisela 47137 Sonderburger- 9
Hetzmann Alexander
47167 Albert-Einstein- 28
– Ludmila 47167 Albert-Einstein- 28
– Waldemar 47167 Albert-Einstein- 28
Einwohner Namen-Teil
A-DU	Firmen, Gewerbebetriebe usw. nach Namen – siehe gelber Teil
